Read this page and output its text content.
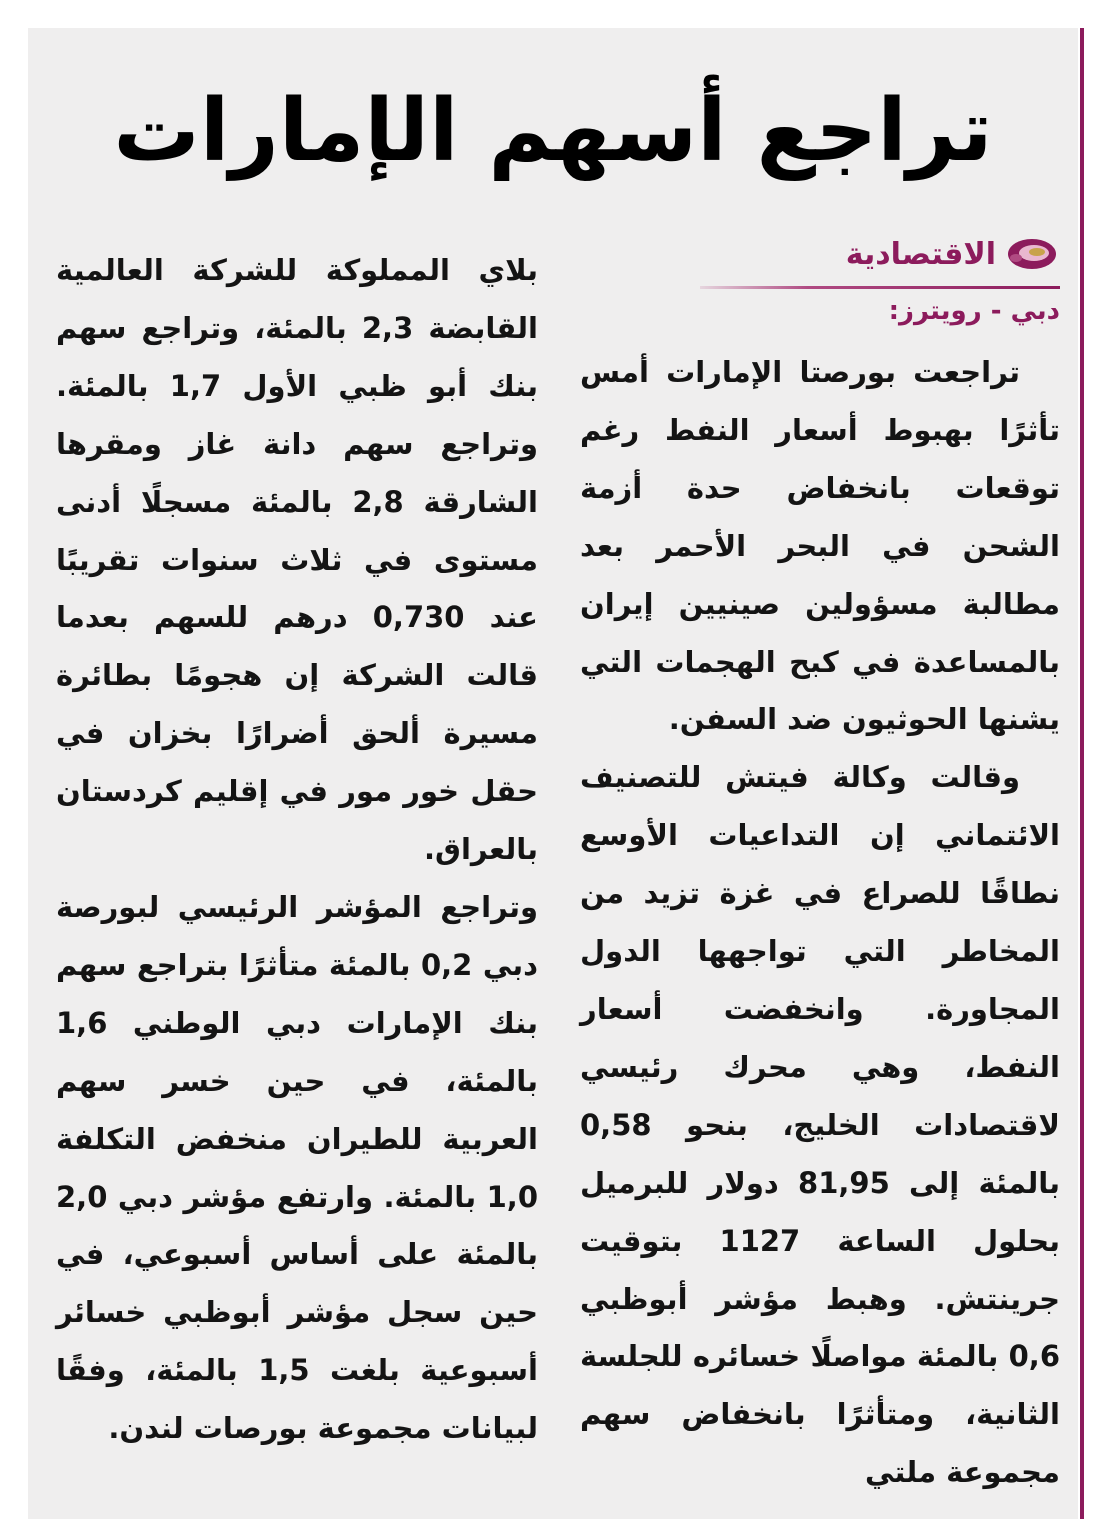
تراجع أسهم الإمارات
الاقتصادية
دبي - رويترز:

تراجعت بورصتا الإمارات أمس تأثرًا بهبوط أسعار النفط رغم توقعات بانخفاض حدة أزمة الشحن في البحر الأحمر بعد مطالبة مسؤولين صينيين إيران بالمساعدة في كبح الهجمات التي يشنها الحوثيون ضد السفن.

وقالت وكالة فيتش للتصنيف الائتماني إن التداعيات الأوسع نطاقًا للصراع في غزة تزيد من المخاطر التي تواجهها الدول المجاورة. وانخفضت أسعار النفط، وهي محرك رئيسي لاقتصادات الخليج، بنحو 0,58 بالمئة إلى 81,95 دولار للبرميل بحلول الساعة 1127 بتوقيت جرينتش. وهبط مؤشر أبوظبي 0,6 بالمئة مواصلًا خسائره للجلسة الثانية، ومتأثرًا بانخفاض سهم مجموعة ملتي

بلاي المملوكة للشركة العالمية القابضة 2,3 بالمئة، وتراجع سهم بنك أبو ظبي الأول 1,7 بالمئة. وتراجع سهم دانة غاز ومقرها الشارقة 2,8 بالمئة مسجلًا أدنى مستوى في ثلاث سنوات تقريبًا عند 0,730 درهم للسهم بعدما قالت الشركة إن هجومًا بطائرة مسيرة ألحق أضرارًا بخزان في حقل خور مور في إقليم كردستان بالعراق.

وتراجع المؤشر الرئيسي لبورصة دبي 0,2 بالمئة متأثرًا بتراجع سهم بنك الإمارات دبي الوطني 1,6 بالمئة، في حين خسر سهم العربية للطيران منخفض التكلفة 1,0 بالمئة. وارتفع مؤشر دبي 2,0 بالمئة على أساس أسبوعي، في حين سجل مؤشر أبوظبي خسائر أسبوعية بلغت 1,5 بالمئة، وفقًا لبيانات مجموعة بورصات لندن.
